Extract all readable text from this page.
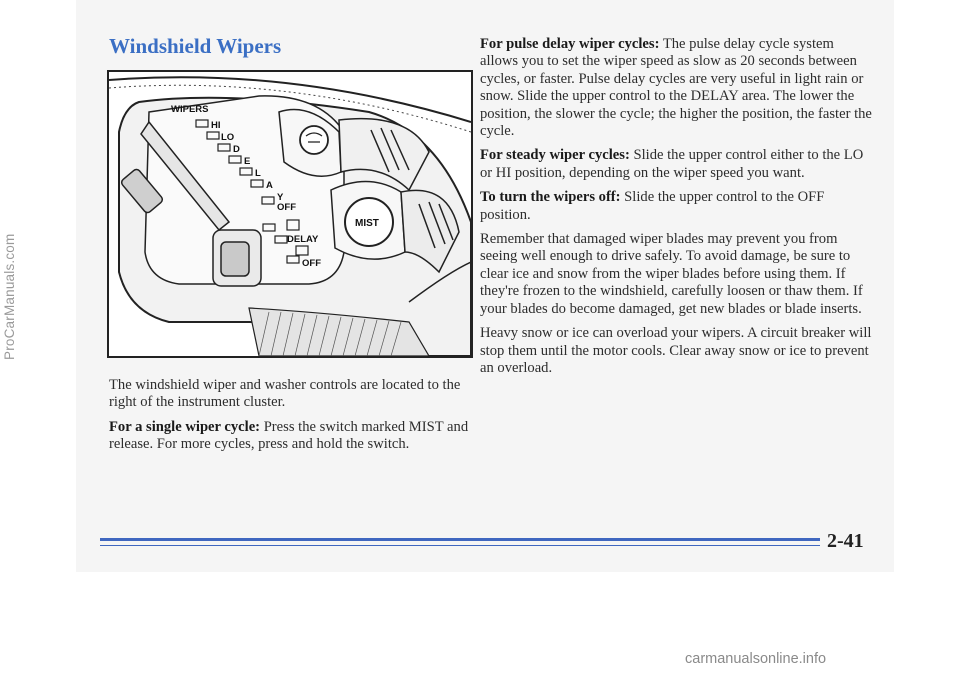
Windshield Wipers
WIPERS
HI
LO
D
E
L
A
Y
OFF
DELAY
OFF
MIST

The windshield wiper and washer controls are located to the right of the instrument cluster.

For a single wiper cycle: Press the switch marked MIST and release. For more cycles, press and hold the switch.

For pulse delay wiper cycles: The pulse delay cycle system allows you to set the wiper speed as slow as 20 seconds between cycles, or faster. Pulse delay cycles are very useful in light rain or snow. Slide the upper control to the DELAY area. The lower the position, the slower the cycle; the higher the position, the faster the cycle.

For steady wiper cycles: Slide the upper control either to the LO or HI position, depending on the wiper speed you want.

To turn the wipers off: Slide the upper control to the OFF position.

Remember that damaged wiper blades may prevent you from seeing well enough to drive safely. To avoid damage, be sure to clear ice and snow from the wiper blades before using them. If they're frozen to the windshield, carefully loosen or thaw them. If your blades do become damaged, get new blades or blade inserts.

Heavy snow or ice can overload your wipers. A circuit breaker will stop them until the motor cools. Clear away snow or ice to prevent an overload.

ProCarManuals.com
2-41
carmanualsonline.info
